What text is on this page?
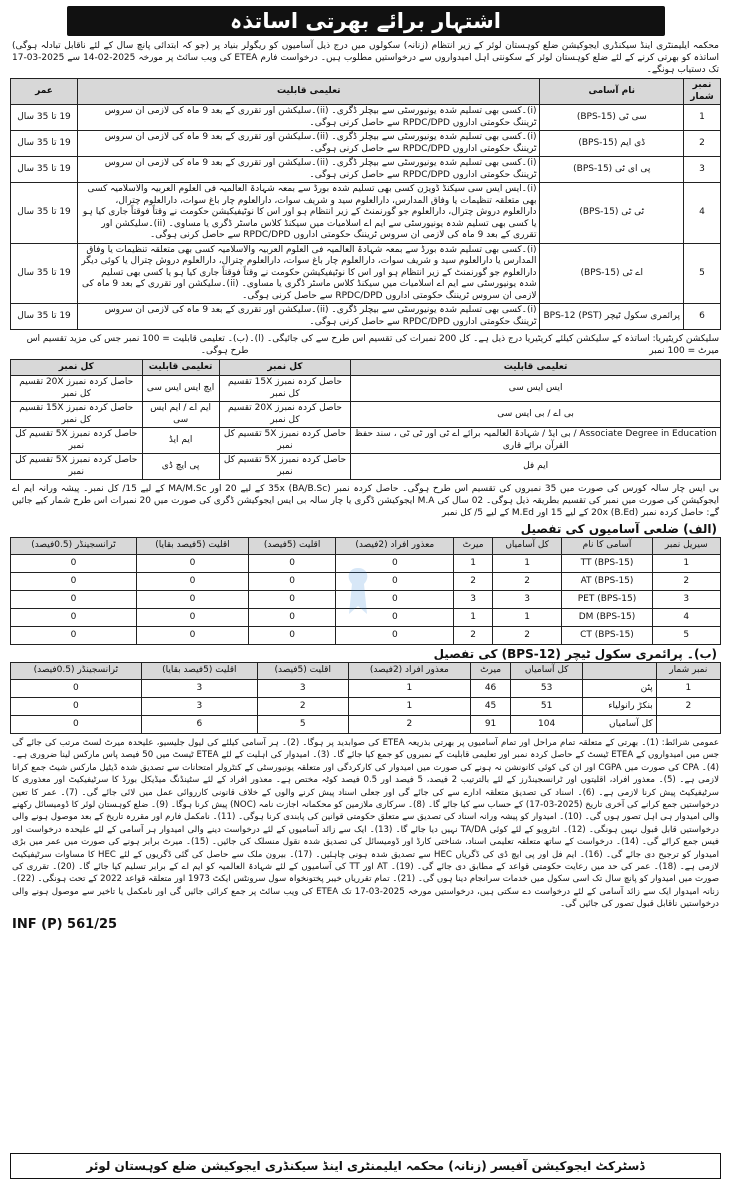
اشتہار برائے بھرتی اساتذہ
محکمہ ایلیمنٹری اینڈ سیکنڈری ایجوکیشن ضلع کوہستان لوئر کے زیر انتظام (زنانہ) سکولوں میں درج ذیل آسامیوں کو ریگولر بنیاد پر (جو کہ ابتدائی پانچ سال کے لئے ناقابل تبادلہ ہوگی) اساتذہ کو بھرتی کرنے کے لئے ضلع کوہستان لوئر کے سکونتی اہل امیدواروں سے درخواستیں مطلوب ہیں۔ درخواست فارم ETEA کی ویب سائٹ پر مورخہ 2025-02-14 سے 2025-03-17 تک دستیاب ہونگے۔
نمبر شمار	نام آسامی	تعلیمی قابلیت	عمر
1	سی ٹی (BPS-15)	(i)۔کسی بھی تسلیم شدہ یونیورسٹی سے بیچلر ڈگری۔ (ii)۔سلیکشن اور تقرری کے بعد 9 ماہ کی لازمی ان سروس ٹریننگ حکومتی اداروں RPDC/DPD سے حاصل کرنی ہوگی۔	19 تا 35 سال
2	ڈی ایم (BPS-15)	(i)۔کسی بھی تسلیم شدہ یونیورسٹی سے بیچلر ڈگری۔ (ii)۔سلیکشن اور تقرری کے بعد 9 ماہ کی لازمی ان سروس ٹریننگ حکومتی اداروں RPDC/DPD سے حاصل کرنی ہوگی۔	19 تا 35 سال
3	پی ای ٹی (BPS-15)	(i)۔کسی بھی تسلیم شدہ یونیورسٹی سے بیچلر ڈگری۔ (ii)۔سلیکشن اور تقرری کے بعد 9 ماہ کی لازمی ان سروس ٹریننگ حکومتی اداروں RPDC/DPD سے حاصل کرنی ہوگی۔	19 تا 35 سال
4	ٹی ٹی (BPS-15)	(i)۔ایس ایس سی سیکنڈ ڈویژن کسی بھی تسلیم شدہ بورڈ سے بمعہ شہادۃ العالمیہ فی العلوم العربیہ والاسلامیہ کسی بھی متعلقہ تنظیمات یا وفاق المدارس، دارالعلوم سید و شریف سوات، دارالعلوم چار باغ سوات، دارالعلوم چترال، دارالعلوم دروش چترال، دارالعلوم جو گورنمنٹ کے زیر انتظام ہو اور اس کا نوٹیفیکیشن حکومت نے وقتاً فوقتاً جاری کیا ہو یا کسی بھی تسلیم شدہ یونیورسٹی سے ایم اے اسلامیات میں سیکنڈ کلاس ماسٹر ڈگری یا مساوی۔ (ii)۔سلیکشن اور تقرری کے بعد 9 ماہ کی لازمی ان سروس ٹریننگ حکومتی اداروں RPDC/DPD سے حاصل کرنی ہوگی۔	19 تا 35 سال
5	اے ٹی (BPS-15)	(i)۔کسی بھی تسلیم شدہ بورڈ سے بمعہ شہادۃ العالمیہ فی العلوم العربیہ والاسلامیہ کسی بھی متعلقہ تنظیمات یا وفاق المدارس یا دارالعلوم سید و شریف سوات، دارالعلوم چار باغ سوات، دارالعلوم چترال، دارالعلوم دروش چترال یا کوئی دیگر دارالعلوم جو گورنمنٹ کے زیر انتظام ہو اور اس کا نوٹیفیکیشن حکومت نے وقتاً فوقتاً جاری کیا ہو یا کسی بھی تسلیم شدہ یونیورسٹی سے ایم اے اسلامیات میں سیکنڈ کلاس ماسٹر ڈگری یا مساوی۔ (ii)۔سلیکشن اور تقرری کے بعد 9 ماہ کی لازمی ان سروس ٹریننگ حکومتی اداروں RPDC/DPD سے حاصل کرنی ہوگی۔	19 تا 35 سال
6	پرائمری سکول ٹیچر (PST) BPS-12	(i)۔کسی بھی تسلیم شدہ یونیورسٹی سے بیچلر ڈگری۔ (ii)۔سلیکشن اور تقرری کے بعد 9 ماہ کی لازمی ان سروس ٹریننگ حکومتی اداروں RPDC/DPD سے حاصل کرنی ہوگی۔	19 تا 35 سال
سلیکشن کریٹیریا: اساتذہ کے سلیکشن کیلئے کریٹیریا درج ذیل ہے۔ کل 200 نمبرات کی تقسیم اس طرح سے کی جائیگی۔ (ا)۔ میرٹ = 100 نمبر
(ب)۔ تعلیمی قابلیت = 100 نمبر جس کی مزید تقسیم اس طرح ہوگی۔
تعلیمی قابلیت	کل نمبر	تعلیمی قابلیت	کل نمبر
ایس ایس سی	حاصل کردہ نمبرز 15X تقسیم کل نمبر	ایچ ایس ایس سی	حاصل کردہ نمبرز 20X تقسیم کل نمبر
بی اے / بی ایس سی	حاصل کردہ نمبرز 20X تقسیم کل نمبر	ایم اے / ایم ایس سی	حاصل کردہ نمبرز 15X تقسیم کل نمبر
Associate Degree in Education / بی ایڈ / شہادۃ العالمیہ برائے اے ٹی اور ٹی ٹی ، سند حفظ القرآن برائے قاری	حاصل کردہ نمبرز 5X تقسیم کل نمبر	ایم ایڈ	حاصل کردہ نمبرز 5X تقسیم کل نمبر
ایم فل	حاصل کردہ نمبرز 5X تقسیم کل نمبر	پی ایچ ڈی	حاصل کردہ نمبرز 5X تقسیم کل نمبر
بی ایس چار سالہ کورس کی صورت میں 35 نمبروں کی تقسیم اس طرح ہوگی۔ حاصل کردہ نمبر 35x (BA/B.Sc) کے لیے 20 اور MA/M.Sc کے لیے 15/ کل نمبر۔ پیشہ ورانہ ایم اے ایجوکیشن کی صورت میں نمبر کی تقسیم بطریقہ ذیل ہوگی۔ 02 سال کی M.A ایجوکیشن ڈگری یا چار سالہ بی ایس ایجوکیشن ڈگری کی صورت میں 20 نمبرات اس طرح شمار کیے جائیں گے: حاصل کردہ نمبر 20x (B.Ed) کے لیے 15 اور M.Ed کے لیے 5/ کل نمبر
(الف) ضلعی آسامیوں کی تفصیل
سیریل نمبر	آسامی کا نام	کل آسامیاں	میرٹ	معذور افراد (2فیصد)	اقلیت (5فیصد)	اقلیت (5فیصد بقایا)	ٹرانسجینڈر (0.5فیصد)
1	TT (BPS-15)	1	1	0	0	0	0
2	AT (BPS-15)	2	2	0	0	0	0
3	PET (BPS-15)	3	3	0	0	0	0
4	DM (BPS-15)	1	1	0	0	0	0
5	CT (BPS-15)	2	2	0	0	0	0
(ب)۔ پرائمری سکول ٹیچر (BPS-12) کی تفصیل
نمبر شمار		کل آسامیاں	میرٹ	معذور افراد (2فیصد)	اقلیت (5فیصد)	اقلیت (5فیصد بقایا)	ٹرانسجینڈر (0.5فیصد)
1	پٹن	53	46	1	3	3	0
2	بنکڑ رانولیاء	51	45	1	2	3	0
	کل آسامیاں	104	91	2	5	6	0
عمومی شرائط: (1)۔ بھرتی کے متعلقہ تمام مراحل اور تمام آسامیوں پر بھرتی بذریعہ ETEA کی صوابدید پر ہوگا۔ (2)۔ ہر آسامی کیلئے کی لیول جلیسیو، علیحدہ میرٹ لسٹ مرتب کی جائے گی جس میں امیدواروں کے ETEA ٹیسٹ کے حاصل کردہ نمبر اور تعلیمی قابلیت کے نمبروں کو جمع کیا جائے گا۔ (3)۔ امیدوار کی اہلیت کے لئے ETEA ٹیسٹ میں 50 فیصد پاس مارکس لینا ضروری ہے۔ (4)۔ CPA کی صورت میں CGPA اور ان کی کوئی کانونشن نہ ہونے کی صورت میں امیدوار کی کارکردگی اور متعلقہ یونیورسٹی کے کنٹرولر امتحانات سے تصدیق شدہ ڈیٹیل مارکس شیٹ جمع کرانا لازمی ہے۔ (5)۔ معذور افراد، اقلیتوں اور ٹرانسجینڈرز کے لئے بالترتیب 2 فیصد، 5 فیصد اور 0.5 فیصد کوٹہ مختص ہے۔ معذور افراد کے لئے سٹینڈنگ میڈیکل بورڈ کا سرٹیفیکیٹ اور معذوری کا سرٹیفیکیٹ پیش کرنا لازمی ہے۔ (6)۔ اسناد کی تصدیق متعلقہ ادارے سے کی جائے گی اور جعلی اسناد پیش کرنے والوں کے خلاف قانونی کارروائی عمل میں لائی جائے گی۔ (7)۔ عمر کا تعین درخواستیں جمع کرانے کی آخری تاریخ (2025-03-17) کے حساب سے کیا جائے گا۔ (8)۔ سرکاری ملازمین کو محکمانہ اجازت نامہ (NOC) پیش کرنا ہوگا۔ (9)۔ ضلع کوہستان لوئر کا ڈومیسائل رکھنے والی امیدوار ہی اہل تصور ہوں گی۔ (10)۔ امیدوار کو پیشہ ورانہ اسناد کی تصدیق سے متعلق حکومتی قوانین کی پابندی کرنا ہوگی۔ (11)۔ نامکمل فارم اور مقررہ تاریخ کے بعد موصول ہونے والی درخواستیں قابل قبول نہیں ہونگی۔ (12)۔ انٹرویو کے لئے کوئی TA/DA نہیں دیا جائے گا۔ (13)۔ ایک سے زائد آسامیوں کے لئے درخواست دینے والی امیدوار ہر آسامی کے لئے علیحدہ درخواست اور فیس جمع کرائے گی۔ (14)۔ درخواست کے ساتھ متعلقہ تعلیمی اسناد، شناختی کارڈ اور ڈومیسائل کی تصدیق شدہ نقول منسلک کی جائیں۔ (15)۔ میرٹ برابر ہونے کی صورت میں عمر میں بڑی امیدوار کو ترجیح دی جائے گی۔ (16)۔ ایم فل اور پی ایچ ڈی کی ڈگریاں HEC سے تصدیق شدہ ہونی چاہئیں۔ (17)۔ بیرون ملک سے حاصل کی گئی ڈگریوں کے لئے HEC کا مساوات سرٹیفیکیٹ لازمی ہے۔ (18)۔ عمر کی حد میں رعایت حکومتی قواعد کے مطابق دی جائے گی۔ (19)۔ AT اور TT کی آسامیوں کے لئے شہادۃ العالمیہ کو ایم اے کے برابر تسلیم کیا جائے گا۔ (20)۔ تقرری کی صورت میں امیدوار کو پانچ سال تک اسی سکول میں خدمات سرانجام دینا ہوں گی۔ (21)۔ تمام تقرریاں خیبر پختونخواہ سول سرونٹس ایکٹ 1973 اور متعلقہ قواعد 2022 کے تحت ہونگی۔ (22)۔ زنانہ امیدوار ایک سے زائد آسامی کے لئے درخواست دے سکتی ہیں، درخواستیں مورخہ 2025-03-17 تک ETEA کی ویب سائٹ پر جمع کرائی جائیں گی اور نامکمل یا تاخیر سے موصول ہونے والی درخواستیں ناقابل قبول تصور کی جائیں گی۔
INF (P) 561/25
ڈسٹرکٹ ایجوکیشن آفیسر (زنانہ) محکمہ ایلیمنٹری اینڈ سیکنڈری ایجوکیشن ضلع کوہستان لوئر
